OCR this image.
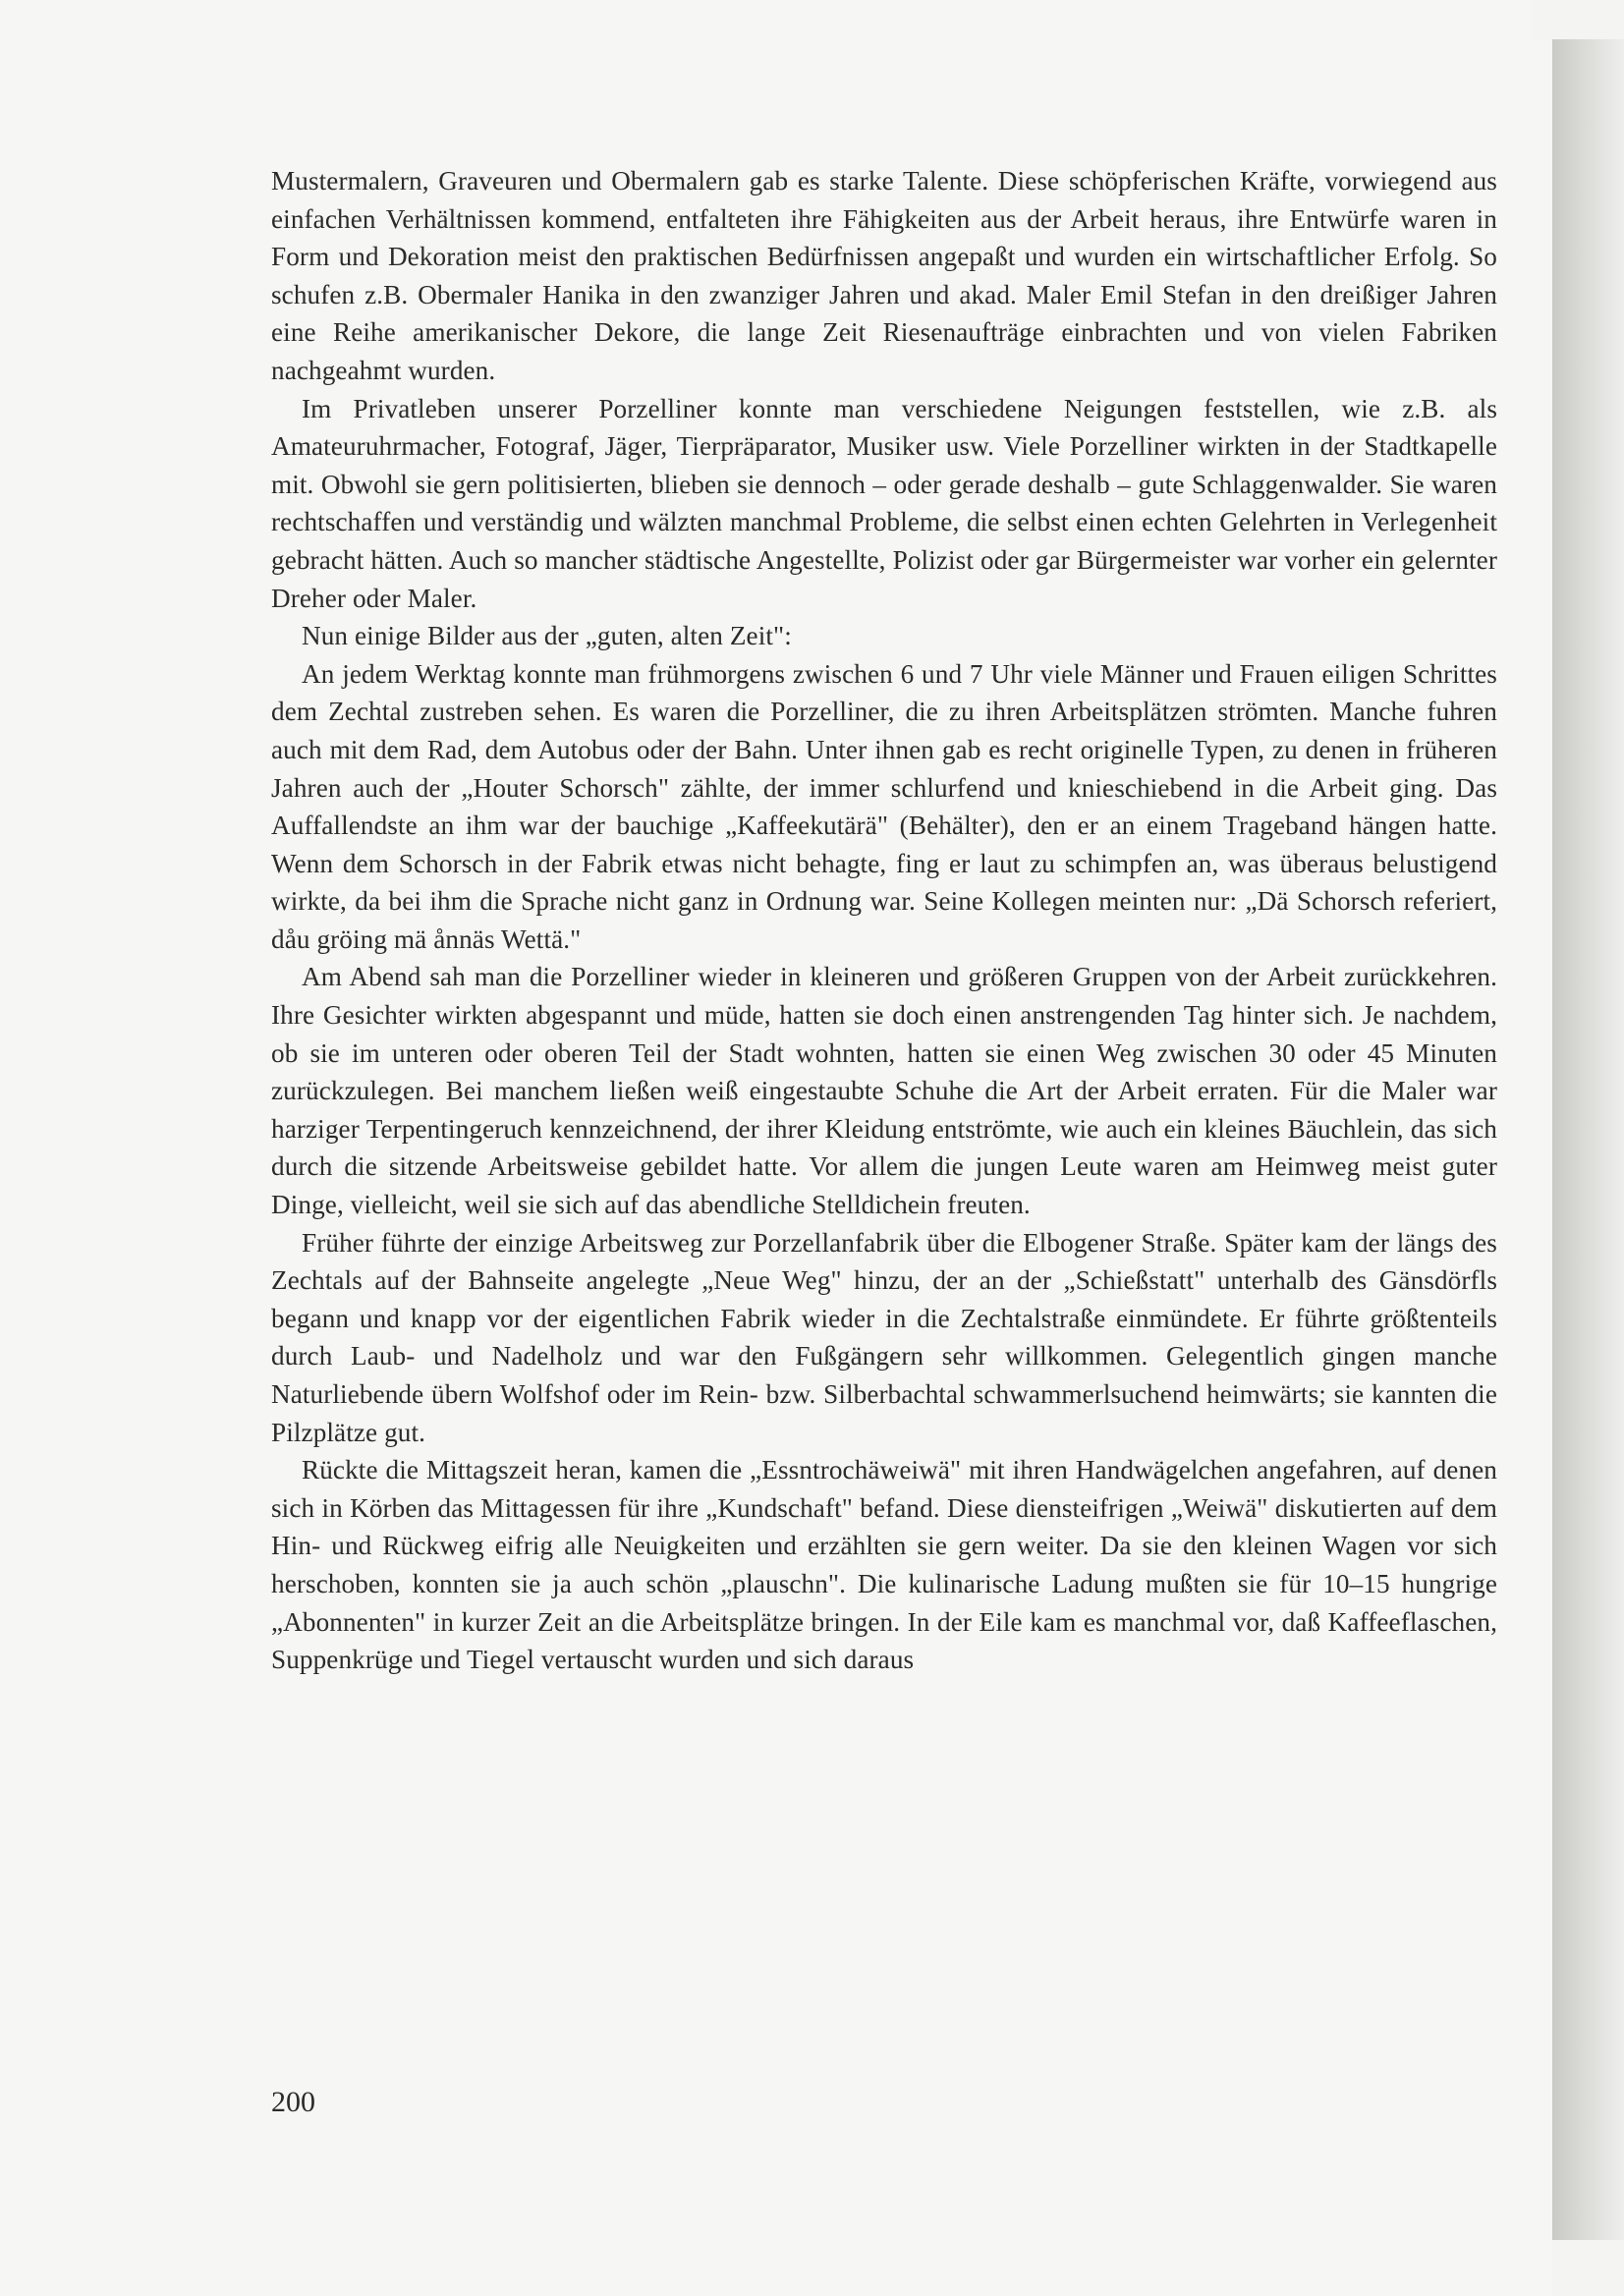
Mustermalern, Graveuren und Obermalern gab es starke Talente. Diese schöpferischen Kräfte, vorwiegend aus einfachen Verhältnissen kommend, entfalteten ihre Fähigkeiten aus der Arbeit heraus, ihre Entwürfe waren in Form und Dekoration meist den praktischen Bedürfnissen angepaßt und wurden ein wirtschaftlicher Erfolg. So schufen z.B. Obermaler Hanika in den zwanziger Jahren und akad. Maler Emil Stefan in den dreißiger Jahren eine Reihe amerikanischer Dekore, die lange Zeit Riesenaufträge einbrachten und von vielen Fabriken nachgeahmt wurden.

Im Privatleben unserer Porzelliner konnte man verschiedene Neigungen feststellen, wie z.B. als Amateuruhrmacher, Fotograf, Jäger, Tierpräparator, Musiker usw. Viele Porzelliner wirkten in der Stadtkapelle mit. Obwohl sie gern politisierten, blieben sie dennoch – oder gerade deshalb – gute Schlaggenwalder. Sie waren rechtschaffen und verständig und wälzten manchmal Probleme, die selbst einen echten Gelehrten in Verlegenheit gebracht hätten. Auch so mancher städtische Angestellte, Polizist oder gar Bürgermeister war vorher ein gelernter Dreher oder Maler.

Nun einige Bilder aus der „guten, alten Zeit":

An jedem Werktag konnte man frühmorgens zwischen 6 und 7 Uhr viele Männer und Frauen eiligen Schrittes dem Zechtal zustreben sehen. Es waren die Porzelliner, die zu ihren Arbeitsplätzen strömten. Manche fuhren auch mit dem Rad, dem Autobus oder der Bahn. Unter ihnen gab es recht originelle Typen, zu denen in früheren Jahren auch der „Houter Schorsch" zählte, der immer schlurfend und knieschiebend in die Arbeit ging. Das Auffallendste an ihm war der bauchige „Kaffeekutärä" (Behälter), den er an einem Trageband hängen hatte. Wenn dem Schorsch in der Fabrik etwas nicht behagte, fing er laut zu schimpfen an, was überaus belustigend wirkte, da bei ihm die Sprache nicht ganz in Ordnung war. Seine Kollegen meinten nur: „Dä Schorsch referiert, dåu gröing mä ånnäs Wettä."

Am Abend sah man die Porzelliner wieder in kleineren und größeren Gruppen von der Arbeit zurückkehren. Ihre Gesichter wirkten abgespannt und müde, hatten sie doch einen anstrengenden Tag hinter sich. Je nachdem, ob sie im unteren oder oberen Teil der Stadt wohnten, hatten sie einen Weg zwischen 30 oder 45 Minuten zurückzulegen. Bei manchem ließen weiß eingestaubte Schuhe die Art der Arbeit erraten. Für die Maler war harziger Terpentingeruch kennzeichnend, der ihrer Kleidung entströmte, wie auch ein kleines Bäuchlein, das sich durch die sitzende Arbeitsweise gebildet hatte. Vor allem die jungen Leute waren am Heimweg meist guter Dinge, vielleicht, weil sie sich auf das abendliche Stelldichein freuten.

Früher führte der einzige Arbeitsweg zur Porzellanfabrik über die Elbogener Straße. Später kam der längs des Zechtals auf der Bahnseite angelegte „Neue Weg" hinzu, der an der „Schießstatt" unterhalb des Gänsdörfls begann und knapp vor der eigentlichen Fabrik wieder in die Zechtalstraße einmündete. Er führte größtenteils durch Laub- und Nadelholz und war den Fußgängern sehr willkommen. Gelegentlich gingen manche Naturliebende übern Wolfshof oder im Rein- bzw. Silberbachtal schwammerlsuchend heimwärts; sie kannten die Pilzplätze gut.

Rückte die Mittagszeit heran, kamen die „Essntrochäweiwä" mit ihren Handwägelchen angefahren, auf denen sich in Körben das Mittagessen für ihre „Kundschaft" befand. Diese diensteifrigen „Weiwä" diskutierten auf dem Hin- und Rückweg eifrig alle Neuigkeiten und erzählten sie gern weiter. Da sie den kleinen Wagen vor sich herschoben, konnten sie ja auch schön „plauschn". Die kulinarische Ladung mußten sie für 10–15 hungrige „Abonnenten" in kurzer Zeit an die Arbeitsplätze bringen. In der Eile kam es manchmal vor, daß Kaffeeflaschen, Suppenkrüge und Tiegel vertauscht wurden und sich daraus

200
